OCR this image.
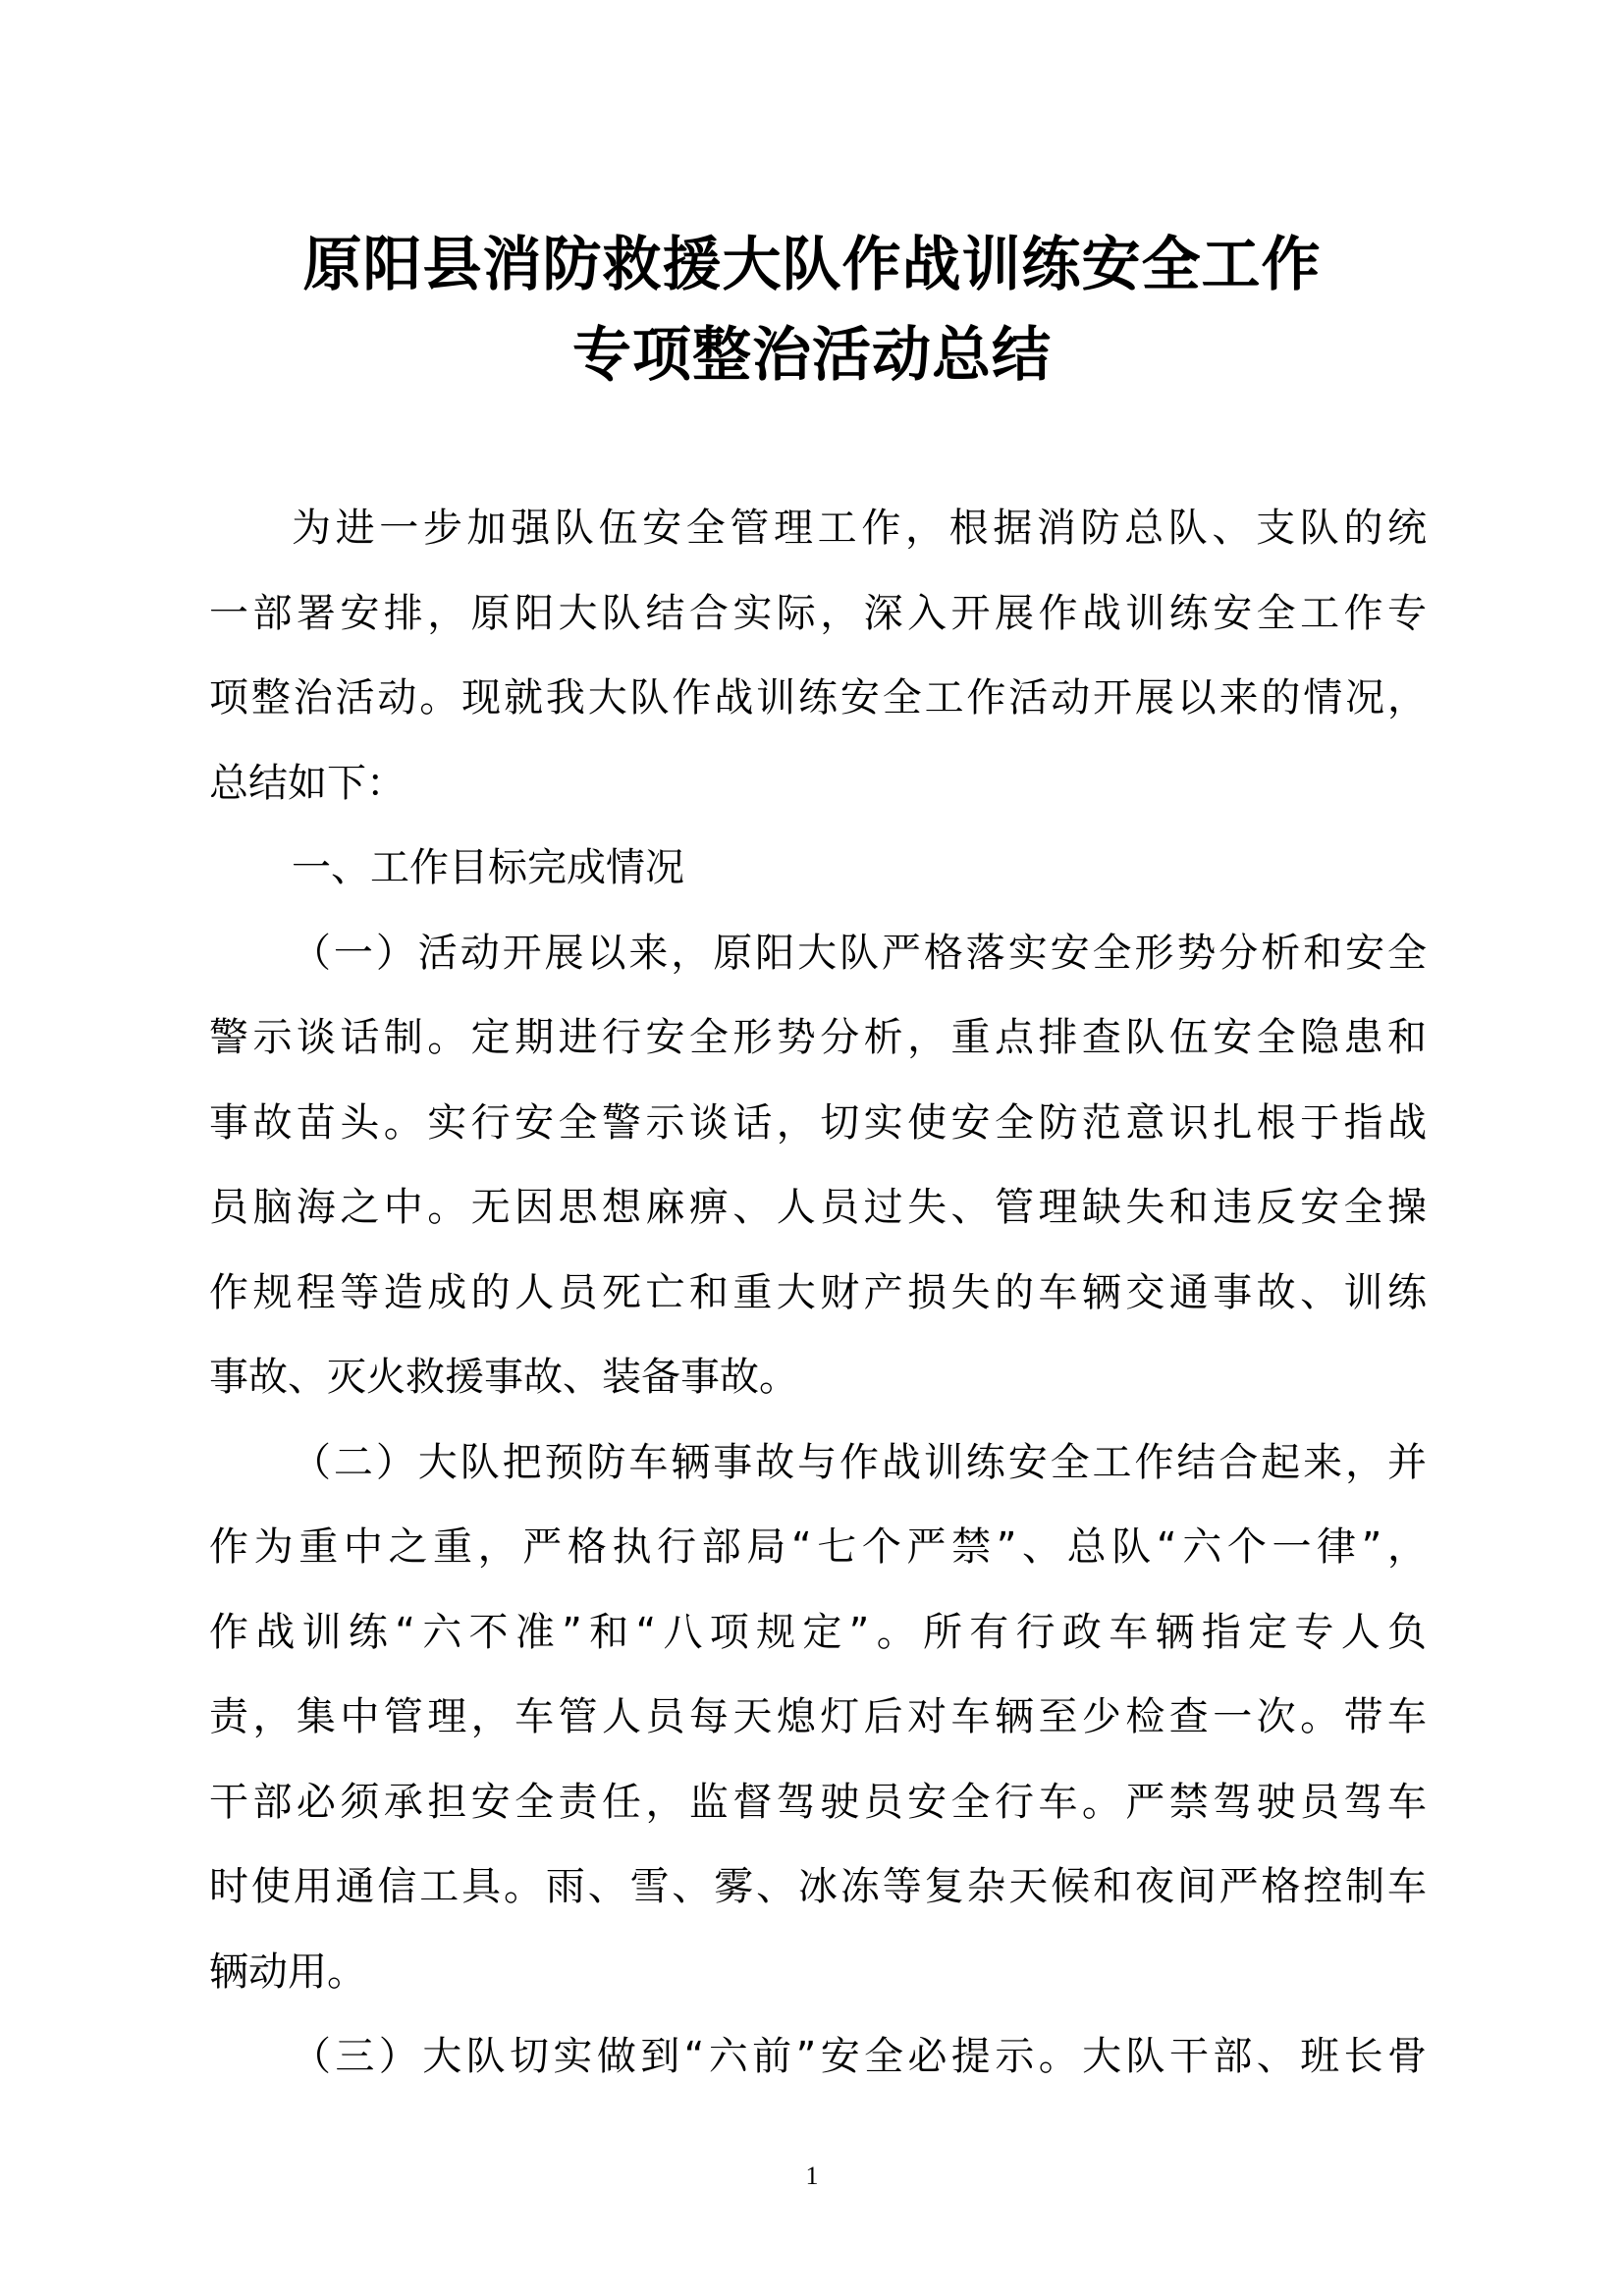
原阳县消防救援大队作战训练安全工作
专项整治活动总结
为进一步加强队伍安全管理工作，根据消防总队、支队的统
一部署安排，原阳大队结合实际，深入开展作战训练安全工作专
项整治活动。现就我大队作战训练安全工作活动开展以来的情况，
总结如下：
一、工作目标完成情况
（一）活动开展以来，原阳大队严格落实安全形势分析和安全
警示谈话制。定期进行安全形势分析，重点排查队伍安全隐患和
事故苗头。实行安全警示谈话，切实使安全防范意识扎根于指战
员脑海之中。无因思想麻痹、人员过失、管理缺失和违反安全操
作规程等造成的人员死亡和重大财产损失的车辆交通事故、训练
事故、灭火救援事故、装备事故。
（二）大队把预防车辆事故与作战训练安全工作结合起来，并
作为重中之重，严格执行部局“七个严禁”、总队“六个一律”，
作战训练“六不准”和“八项规定”。所有行政车辆指定专人负
责，集中管理，车管人员每天熄灯后对车辆至少检查一次。带车
干部必须承担安全责任，监督驾驶员安全行车。严禁驾驶员驾车
时使用通信工具。雨、雪、雾、冰冻等复杂天候和夜间严格控制车
辆动用。
（三）大队切实做到“六前”安全必提示。大队干部、班长骨
1
